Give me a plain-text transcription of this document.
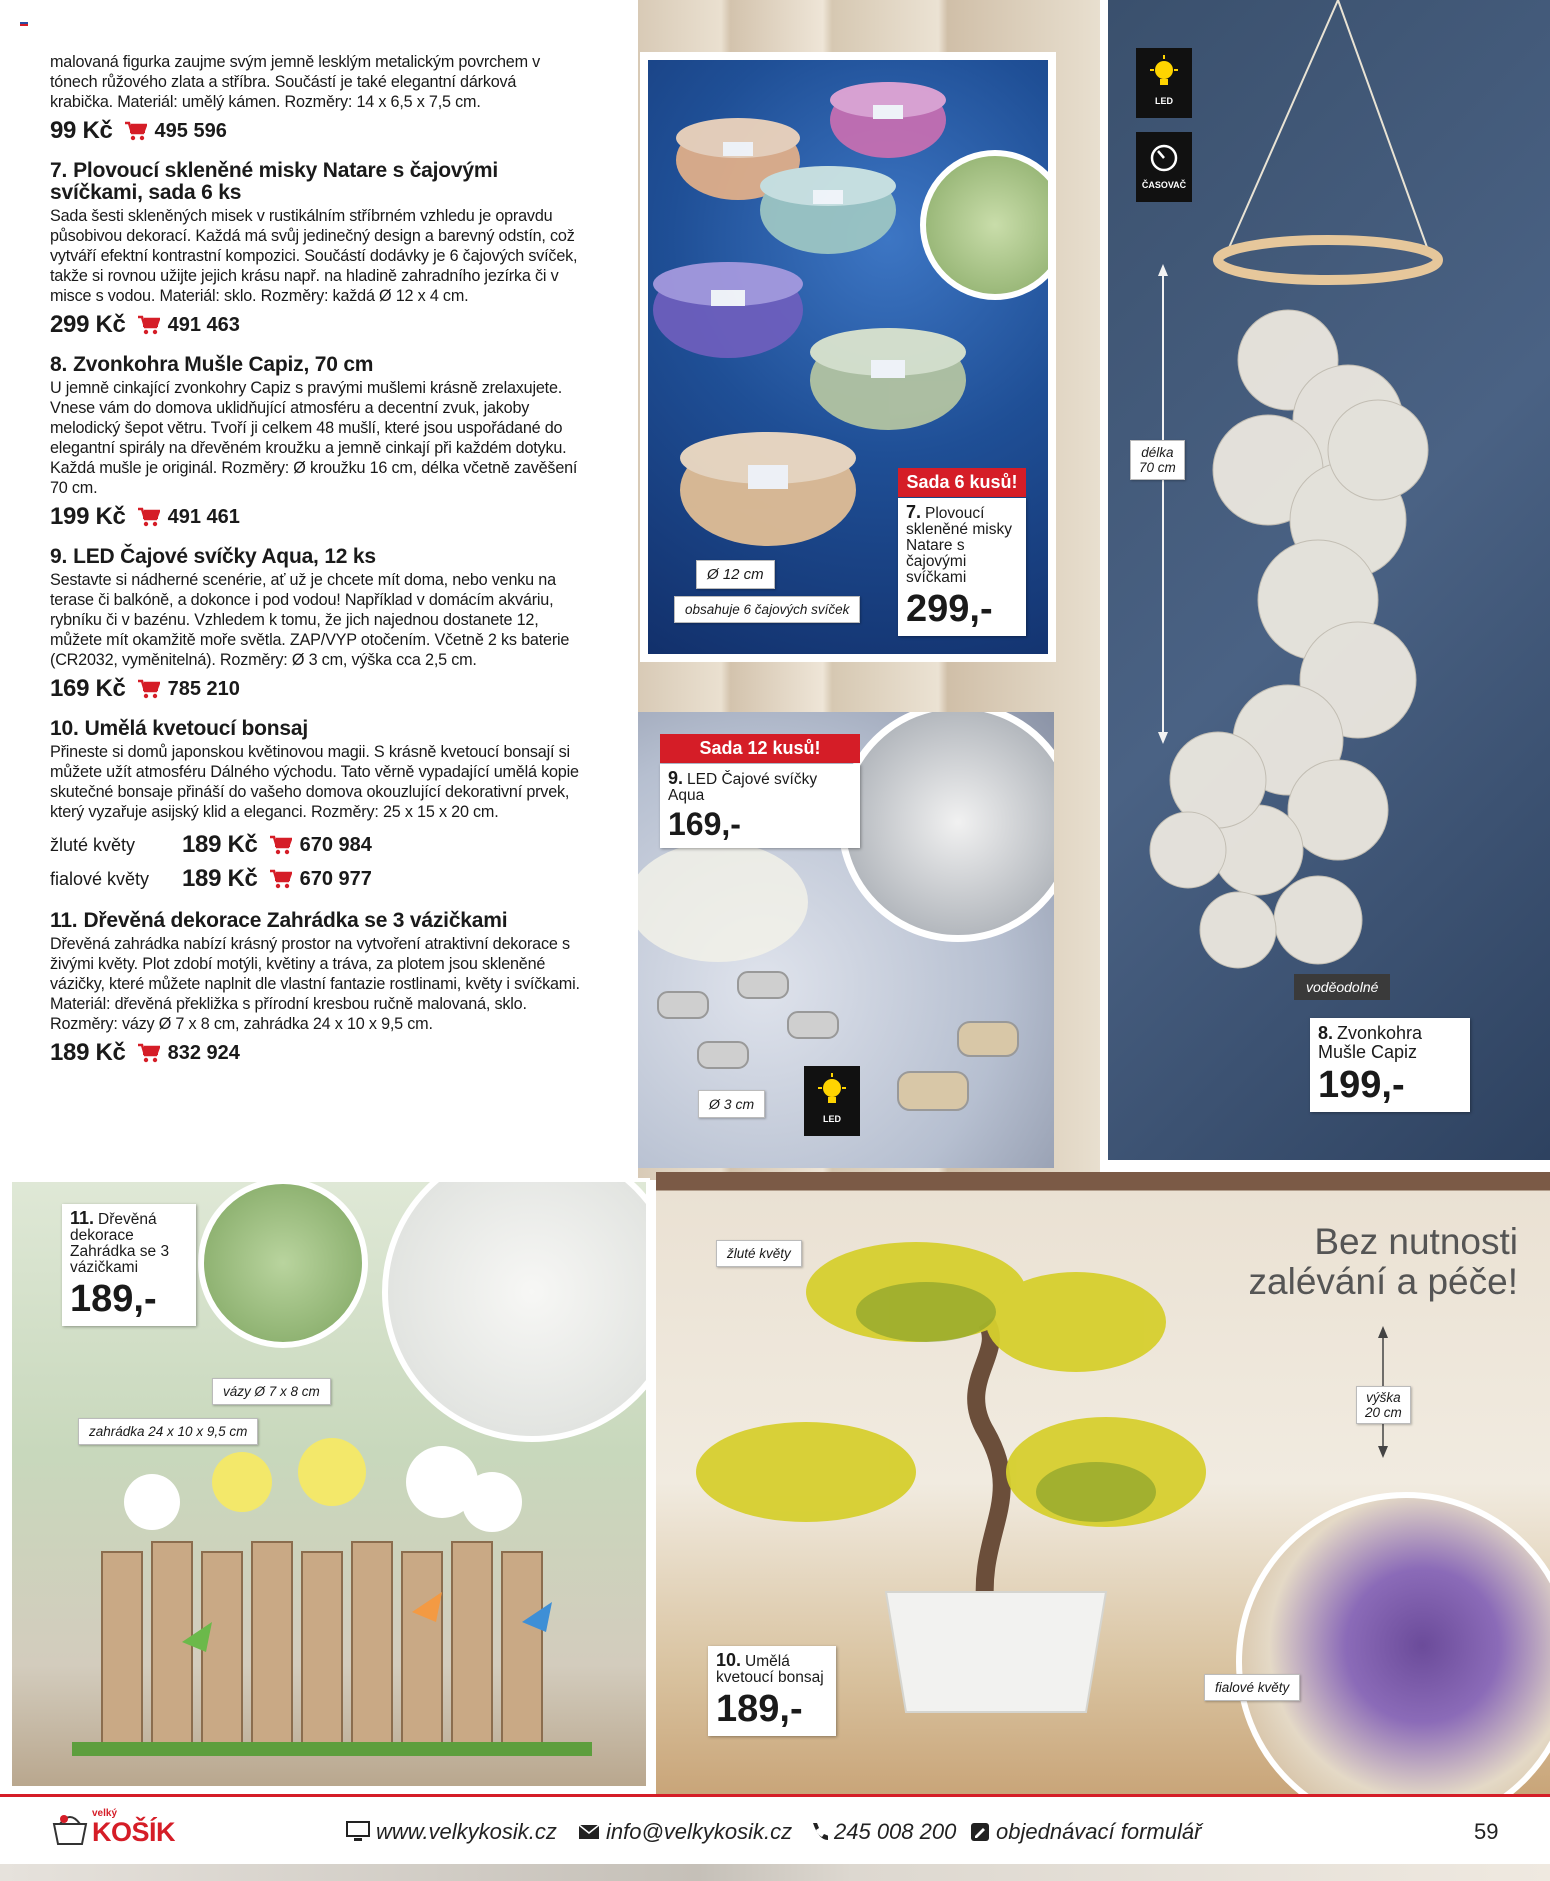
malovaná figurka zaujme svým jemně lesklým metalickým povrchem v tónech růžového zlata a stříbra. Součástí je také elegantní dárková krabička. Materiál: umělý kámen. Rozměry: 14 x 6,5 x 7,5 cm.
99 Kč 495 596
7. Plovoucí skleněné misky Natare s čajovými svíčkami, sada 6 ks
Sada šesti skleněných misek v rustikálním stříbrném vzhledu je opravdu působivou dekorací. Každá má svůj jedinečný design a barevný odstín, což vytváří efektní kontrastní kompozici. Součástí dodávky je 6 čajových svíček, takže si rovnou užijte jejich krásu např. na hladině zahradního jezírka či v misce s vodou. Materiál: sklo. Rozměry: každá Ø 12 x 4 cm.
299 Kč 491 463
8. Zvonkohra Mušle Capiz, 70 cm
U jemně cinkající zvonkohry Capiz s pravými mušlemi krásně zrelaxujete. Vnese vám do domova uklidňující atmosféru a decentní zvuk, jakoby melodický šepot větru. Tvoří ji celkem 48 mušlí, které jsou uspořádané do elegantní spirály na dřevěném kroužku a jemně cinkají při každém dotyku. Každá mušle je originál. Rozměry: Ø kroužku 16 cm, délka včetně zavěšení 70 cm.
199 Kč 491 461
9. LED Čajové svíčky Aqua, 12 ks
Sestavte si nádherné scenérie, ať už je chcete mít doma, nebo venku na terase či balkóně, a dokonce i pod vodou! Například v domácím akváriu, rybníku či v bazénu. Vzhledem k tomu, že jich najednou dostanete 12, můžete mít okamžitě moře světla. ZAP/VYP otočením. Včetně 2 ks baterie (CR2032, vyměnitelná). Rozměry: Ø 3 cm, výška cca 2,5 cm.
169 Kč 785 210
10. Umělá kvetoucí bonsaj
Přineste si domů japonskou květinovou magii. S krásně kvetoucí bonsají si můžete užít atmosféru Dálného východu. Tato věrně vypadající umělá kopie skutečné bonsaje přináší do vašeho domova okouzlující dekorativní prvek, který vyzařuje asijský klid a eleganci. Rozměry: 25 x 15 x 20 cm.
žluté květy	189 Kč 670 984
fialové květy	189 Kč 670 977
11. Dřevěná dekorace Zahrádka se 3 vázičkami
Dřevěná zahrádka nabízí krásný prostor na vytvoření atraktivní dekorace s živými květy. Plot zdobí motýli, květiny a tráva, za plotem jsou skleněné vázičky, které můžete naplnit dle vlastní fantazie rostlinami, květy i svíčkami. Materiál: dřevěná překližka s přírodní kresbou ručně malovaná, sklo. Rozměry: vázy Ø 7 x 8 cm, zahrádka 24 x 10 x 9,5 cm.
189 Kč 832 924
Ø 12 cm
obsahuje 6 čajových svíček
Sada 6 kusů!
7. Plovoucí skleněné misky Natare s čajovými svíčkami
299,-
Ø 3 cm
LED
Sada 12 kusů!
9. LED Čajové svíčky Aqua
169,-
LED
ČASOVAČ
délka
70 cm
voděodolné
8. Zvonkohra Mušle Capiz
199,-
11. Dřevěná dekorace Zahrádka se 3 vázičkami
189,-
vázy Ø 7 x 8 cm
zahrádka 24 x 10 x 9,5 cm
Bez nutnosti
zalévání a péče!
žluté květy
výška
20 cm
fialové květy
10. Umělá kvetoucí bonsaj
189,-
velký
KOŠÍK	www.velkykosik.cz info@velkykosik.cz 245 008 200 objednávací formulář	59
